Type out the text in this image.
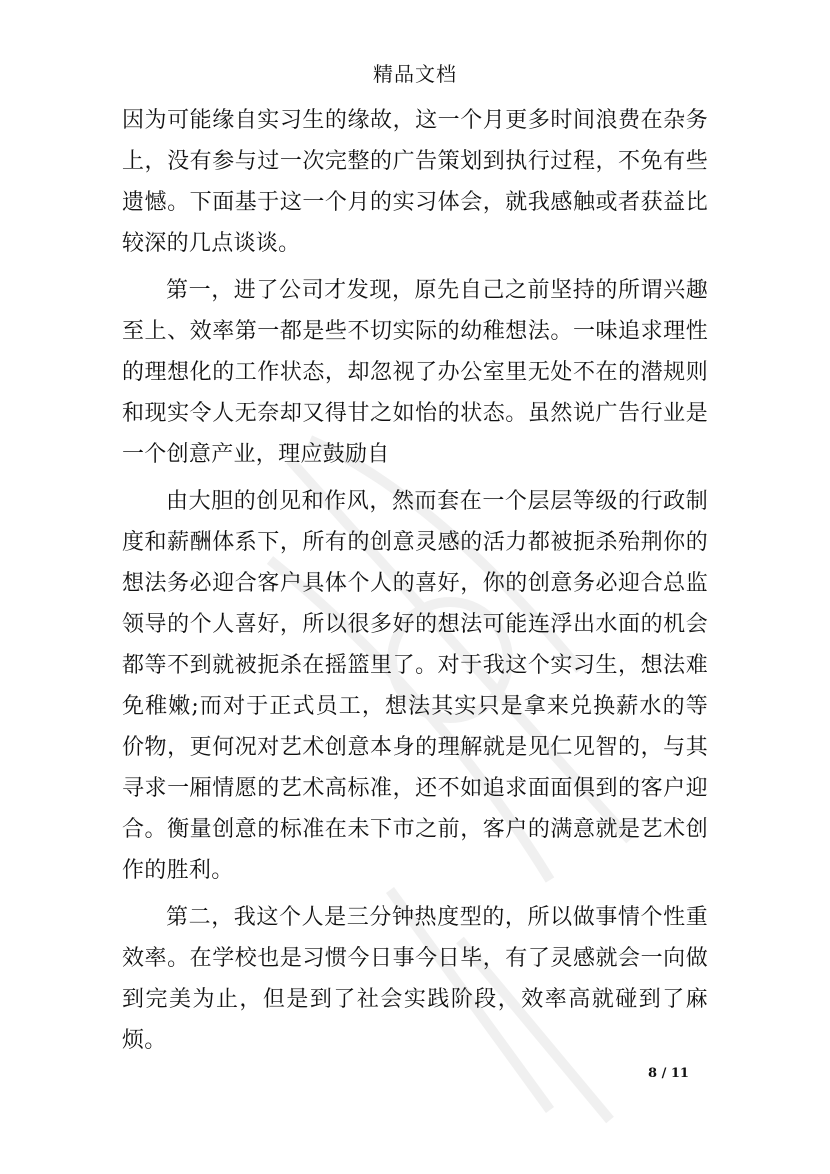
精品文档

因为可能缘自实习生的缘故，这一个月更多时间浪费在杂务上，没有参与过一次完整的广告策划到执行过程，不免有些遗憾。下面基于这一个月的实习体会，就我感触或者获益比较深的几点谈谈。

第一，进了公司才发现，原先自己之前坚持的所谓兴趣至上、效率第一都是些不切实际的幼稚想法。一味追求理性的理想化的工作状态，却忽视了办公室里无处不在的潜规则和现实令人无奈却又得甘之如怡的状态。虽然说广告行业是一个创意产业，理应鼓励自

由大胆的创见和作风，然而套在一个层层等级的行政制度和薪酬体系下，所有的创意灵感的活力都被扼杀殆荆你的想法务必迎合客户具体个人的喜好，你的创意务必迎合总监领导的个人喜好，所以很多好的想法可能连浮出水面的机会都等不到就被扼杀在摇篮里了。对于我这个实习生，想法难免稚嫩;而对于正式员工，想法其实只是拿来兑换薪水的等价物，更何况对艺术创意本身的理解就是见仁见智的，与其寻求一厢情愿的艺术高标准，还不如追求面面俱到的客户迎合。衡量创意的标准在未下市之前，客户的满意就是艺术创作的胜利。

第二，我这个人是三分钟热度型的，所以做事情个性重效率。在学校也是习惯今日事今日毕，有了灵感就会一向做到完美为止，但是到了社会实践阶段，效率高就碰到了麻烦。

8 / 11
